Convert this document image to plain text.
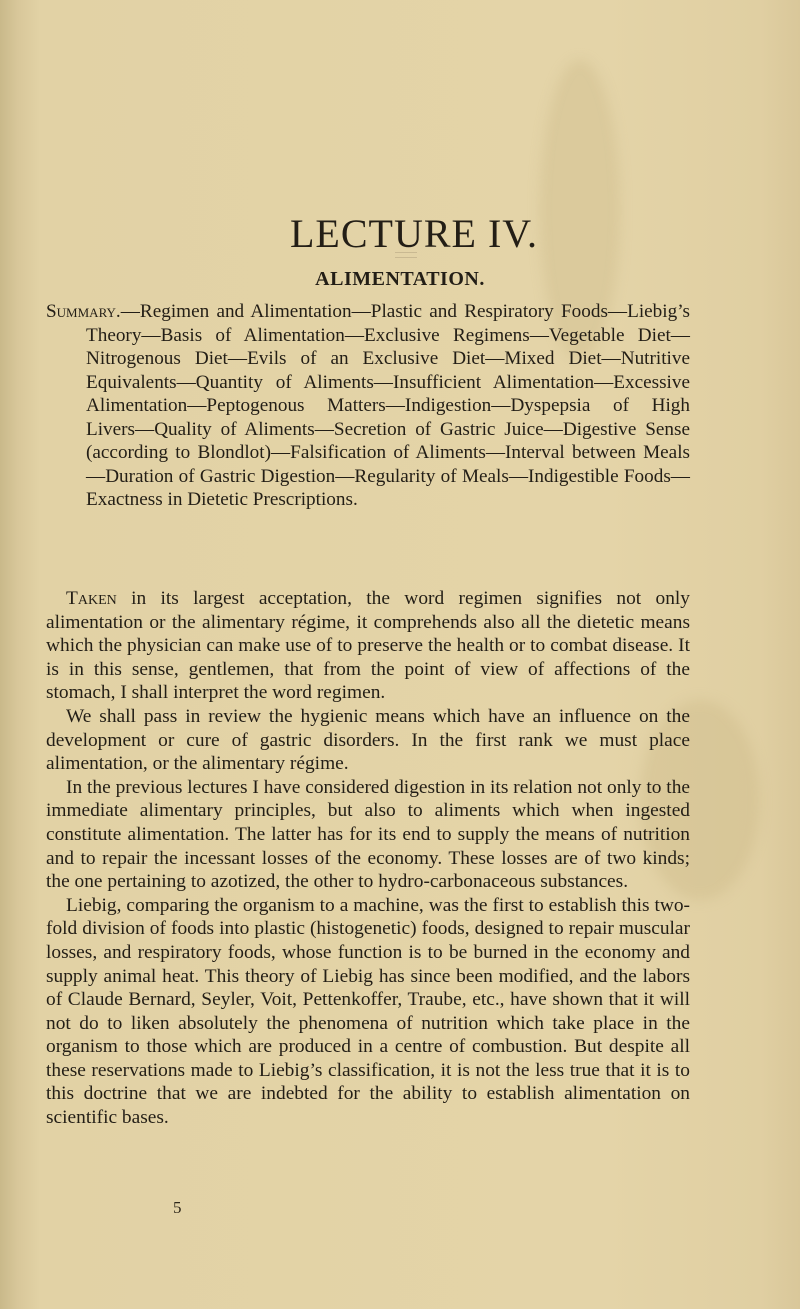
LECTURE IV.
ALIMENTATION.

Summary.—Regimen and Alimentation—Plastic and Respiratory Foods—Liebig’s Theory—Basis of Alimentation—Exclusive Regimens—Vegetable Diet—Nitrogenous Diet—Evils of an Exclusive Diet—Mixed Diet—Nutritive Equivalents—Quantity of Aliments—Insufficient Alimentation—Excessive Alimentation—Peptogenous Matters—Indigestion—Dyspepsia of High Livers—Quality of Aliments—Secretion of Gastric Juice—Digestive Sense (according to Blondlot)—Falsification of Aliments—Interval between Meals—Duration of Gastric Digestion—Regularity of Meals—Indigestible Foods—Exactness in Dietetic Prescriptions.

Taken in its largest acceptation, the word regimen signifies not only alimentation or the alimentary régime, it comprehends also all the dietetic means which the physician can make use of to preserve the health or to combat disease. It is in this sense, gentlemen, that from the point of view of affections of the stomach, I shall interpret the word regimen.

We shall pass in review the hygienic means which have an influence on the development or cure of gastric disorders. In the first rank we must place alimentation, or the alimentary régime.

In the previous lectures I have considered digestion in its relation not only to the immediate alimentary principles, but also to aliments which when ingested constitute alimentation. The latter has for its end to supply the means of nutrition and to repair the incessant losses of the economy. These losses are of two kinds; the one pertaining to azotized, the other to hydro-carbonaceous substances.

Liebig, comparing the organism to a machine, was the first to establish this two-fold division of foods into plastic (histogenetic) foods, designed to repair muscular losses, and respiratory foods, whose function is to be burned in the economy and supply animal heat. This theory of Liebig has since been modified, and the labors of Claude Bernard, Seyler, Voit, Pettenkoffer, Traube, etc., have shown that it will not do to liken absolutely the phenomena of nutrition which take place in the organism to those which are produced in a centre of combustion. But despite all these reservations made to Liebig’s classification, it is not the less true that it is to this doctrine that we are indebted for the ability to establish alimentation on scientific bases.

5
